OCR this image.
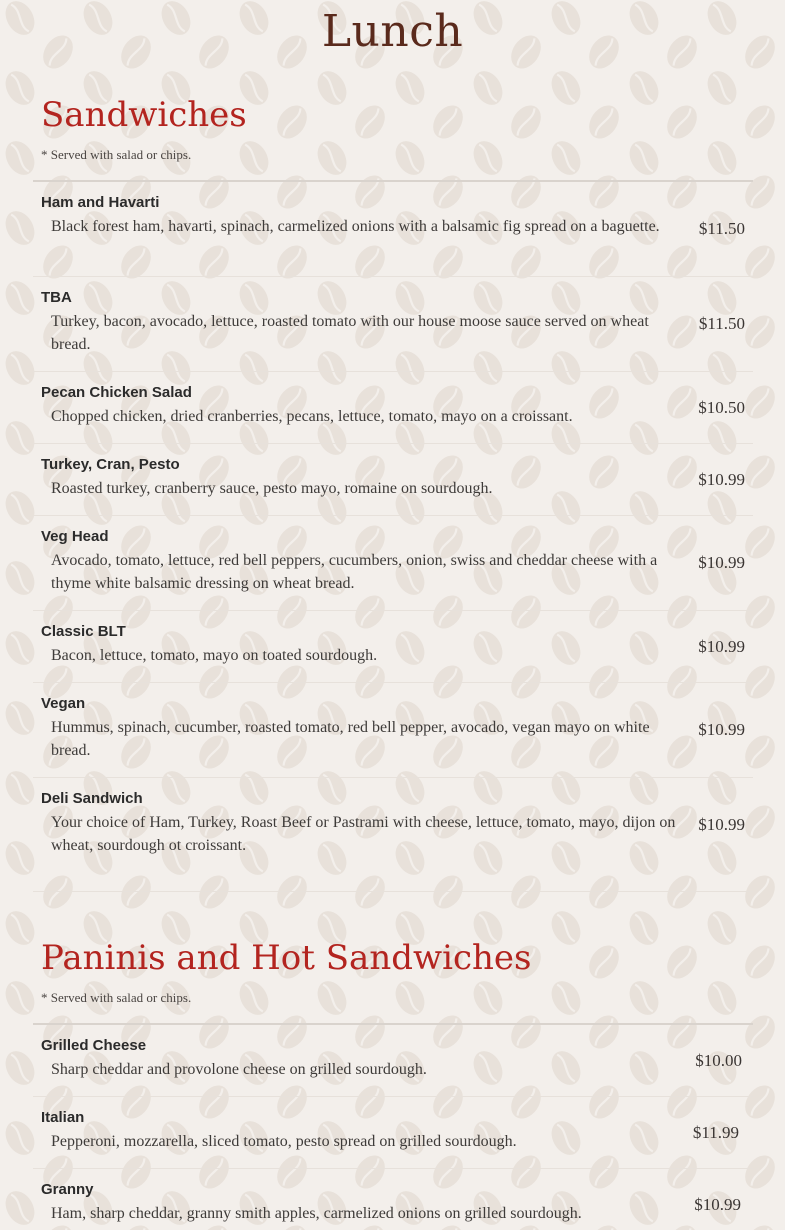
Lunch
Sandwiches
* Served with salad or chips.
Ham and Havarti
Black forest ham, havarti, spinach, carmelized onions with a balsamic fig spread on a baguette.	$11.50
TBA
Turkey, bacon, avocado, lettuce, roasted tomato with our house moose sauce served on wheat bread.
$11.50
Pecan Chicken Salad
Chopped chicken, dried cranberries, pecans, lettuce, tomato, mayo on a croissant.	$10.50
Turkey, Cran, Pesto
Roasted turkey, cranberry sauce, pesto mayo, romaine on sourdough.	$10.99
Veg Head
Avocado, tomato, lettuce, red bell peppers, cucumbers, onion, swiss and cheddar cheese with a thyme white balsamic dressing on wheat bread.
$10.99
Classic BLT
Bacon, lettuce, tomato, mayo on toated sourdough.	$10.99
Vegan
Hummus, spinach, cucumber, roasted tomato, red bell pepper, avocado, vegan mayo on white bread.
$10.99
Deli Sandwich
Your choice of Ham, Turkey, Roast Beef or Pastrami with cheese, lettuce, tomato, mayo, dijon on wheat, sourdough ot croissant.
$10.99
Paninis and Hot Sandwiches
* Served with salad or chips.
Grilled Cheese
Sharp cheddar and provolone cheese on grilled sourdough.	$10.00
Italian
Pepperoni, mozzarella, sliced tomato, pesto spread on grilled sourdough.	$11.99
Granny
Ham, sharp cheddar, granny smith apples, carmelized onions on grilled sourdough.	$10.99
